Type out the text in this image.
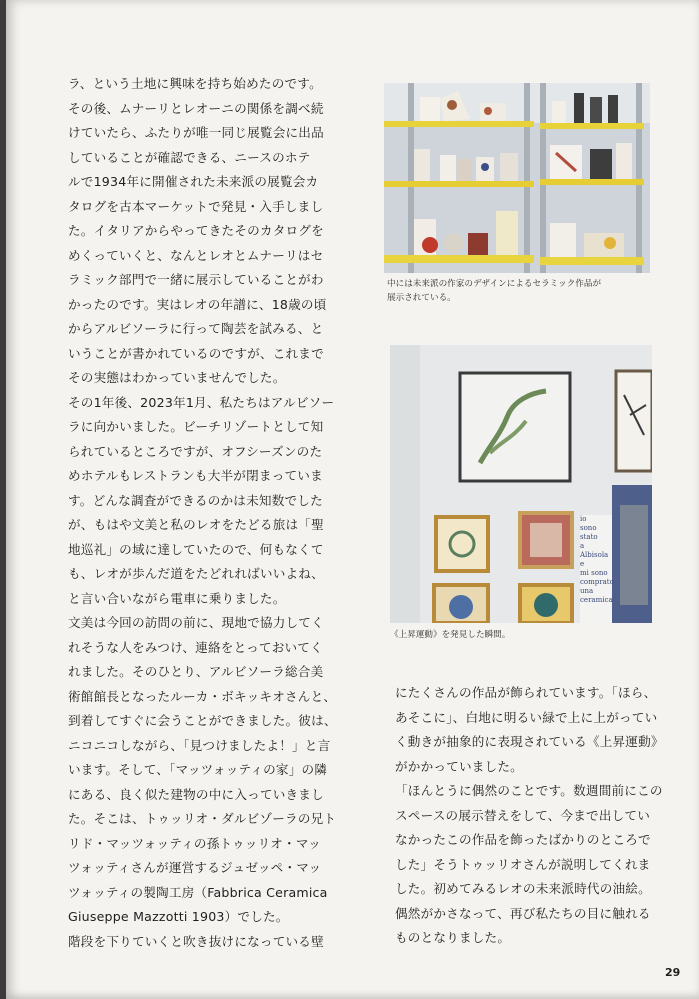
ラ、という土地に興味を持ち始めたのです。

その後、ムナーリとレオーニの関係を調べ続
けていたら、ふたりが唯一同じ展覧会に出品
していることが確認できる、ニースのホテ
ルで1934年に開催された未来派の展覧会カ
タログを古本マーケットで発見・入手しまし
た。イタリアからやってきたそのカタログを
めくっていくと、なんとレオとムナーリはセ
ラミック部門で一緒に展示していることがわ
かったのです。実はレオの年譜に、18歳の頃
からアルビソーラに行って陶芸を試みる、と
いうことが書かれているのですが、これまで
その実態はわかっていませんでした。

その1年後、2023年1月、私たちはアルビソー
ラに向かいました。ビーチリゾートとして知
られているところですが、オフシーズンのた
めホテルもレストランも大半が閉まっていま
す。どんな調査ができるのかは未知数でした
が、もはや文美と私のレオをたどる旅は「聖
地巡礼」の域に達していたので、何もなくて
も、レオが歩んだ道をたどれればいいよね、
と言い合いながら電車に乗りました。

文美は今回の訪問の前に、現地で協力してく
れそうな人をみつけ、連絡をとっておいてく
れました。そのひとり、アルビソーラ総合美
術館館長となったルーカ・ボキッキオさんと、
到着してすぐに会うことができました。彼は、
ニコニコしながら、「見つけましたよ！」と言
います。そして、「マッツォッティの家」の隣
にある、良く似た建物の中に入っていきまし
た。そこは、トゥッリオ・ダルビゾーラの兄ト
リド・マッツォッティの孫トゥッリオ・マッ
ツォッティさんが運営するジュゼッペ・マッ
ツォッティの製陶工房（Fabbrica Ceramica
Giuseppe Mazzotti 1903）でした。

階段を下りていくと吹き抜けになっている壁

中には未来派の作家のデザインによるセラミック作品が
展示されている。
io
sono
stato
a Albisola
e
mi sono
comprato
una
ceramica
《上昇運動》を発見した瞬間。

にたくさんの作品が飾られています。「ほら、
あそこに」、白地に明るい緑で上に上がってい
く動きが抽象的に表現されている《上昇運動》
がかかっていました。

「ほんとうに偶然のことです。数週間前にこの
スペースの展示替えをして、今まで出してい
なかったこの作品を飾ったばかりのところで
した」そうトゥッリオさんが説明してくれま
した。初めてみるレオの未来派時代の油絵。
偶然がかさなって、再び私たちの目に触れる
ものとなりました。

29
